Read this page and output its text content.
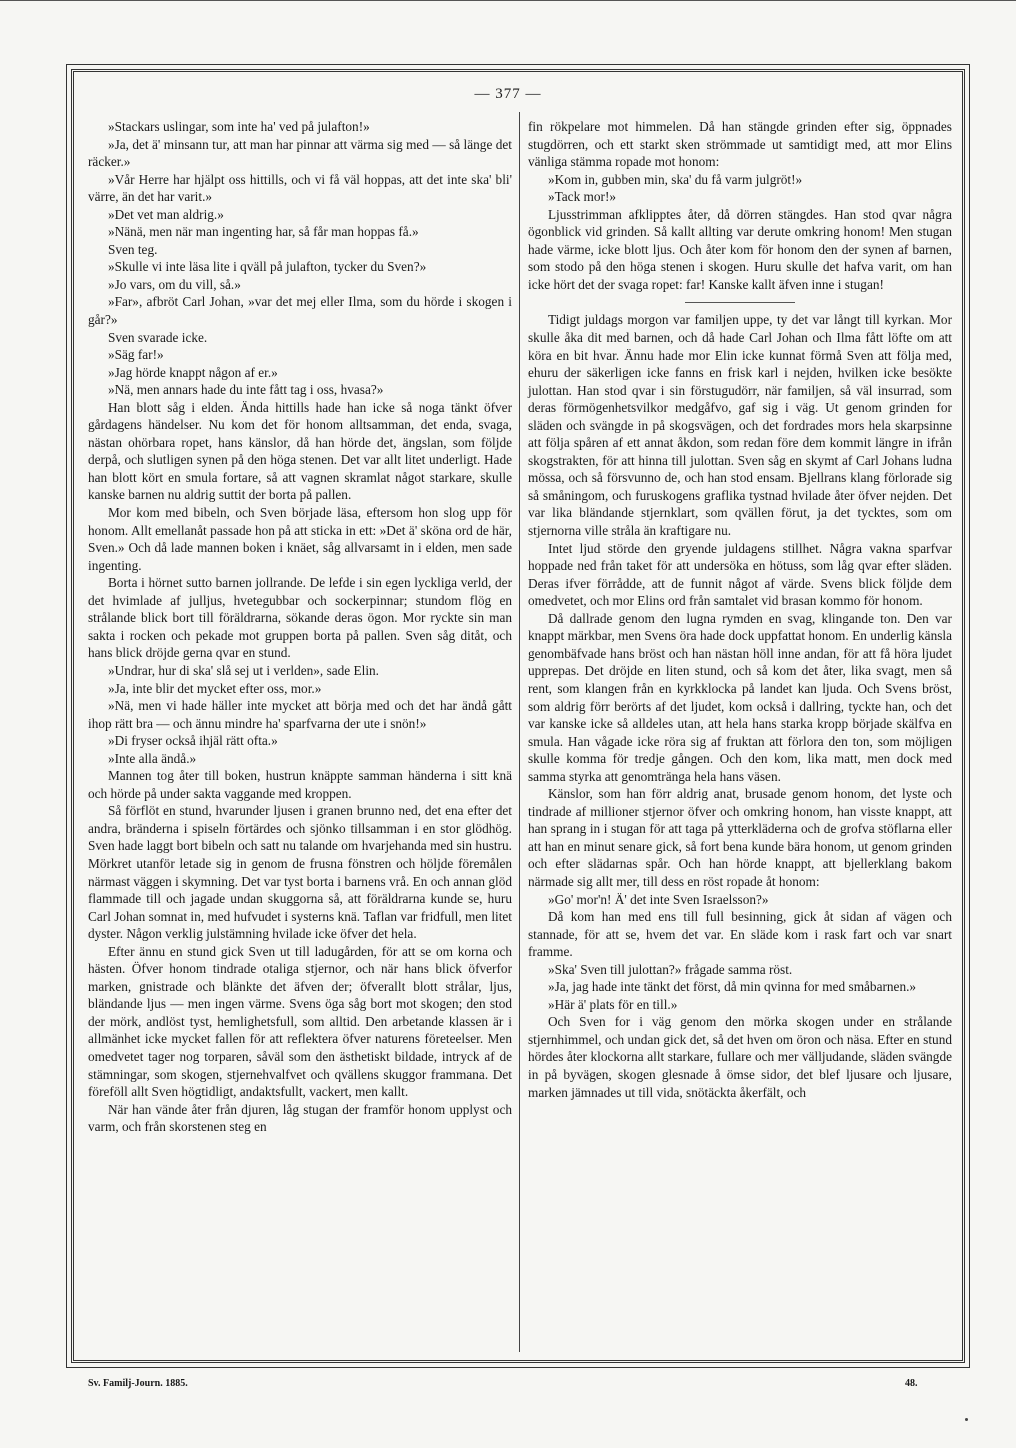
— 377 —

»Stackars uslingar, som inte ha' ved på julafton!»

»Ja, det ä' minsann tur, att man har pinnar att värma sig med — så länge det räcker.»

»Vår Herre har hjälpt oss hittills, och vi få väl hoppas, att det inte ska' bli' värre, än det har varit.»

»Det vet man aldrig.»

»Nänä, men när man ingenting har, så får man hoppas få.»

Sven teg.

»Skulle vi inte läsa lite i qväll på julafton, tycker du Sven?»

»Jo vars, om du vill, så.»

»Far», afbröt Carl Johan, »var det mej eller Ilma, som du hörde i skogen i går?»

Sven svarade icke.

»Säg far!»

»Jag hörde knappt någon af er.»

»Nä, men annars hade du inte fått tag i oss, hvasa?»

Han blott såg i elden. Ända hittills hade han icke så noga tänkt öfver gårdagens händelser. Nu kom det för honom alltsamman, det enda, svaga, nästan ohörbara ropet, hans känslor, då han hörde det, ängslan, som följde derpå, och slutligen synen på den höga stenen. Det var allt litet underligt. Hade han blott kört en smula fortare, så att vagnen skramlat något starkare, skulle kanske barnen nu aldrig suttit der borta på pallen.

Mor kom med bibeln, och Sven började läsa, eftersom hon slog upp för honom. Allt emellanåt passade hon på att sticka in ett: »Det ä' sköna ord de här, Sven.» Och då lade mannen boken i knäet, såg allvarsamt in i elden, men sade ingenting.

Borta i hörnet sutto barnen jollrande. De lefde i sin egen lyckliga verld, der det hvimlade af julljus, hvetegubbar och sockerpinnar; stundom flög en strålande blick bort till föräldrarna, sökande deras ögon. Mor ryckte sin man sakta i rocken och pekade mot gruppen borta på pallen. Sven såg ditåt, och hans blick dröjde gerna qvar en stund.

»Undrar, hur di ska' slå sej ut i verlden», sade Elin.

»Ja, inte blir det mycket efter oss, mor.»

»Nä, men vi hade häller inte mycket att börja med och det har ändå gått ihop rätt bra — och ännu mindre ha' sparfvarna der ute i snön!»

»Di fryser också ihjäl rätt ofta.»

»Inte alla ändå.»

Mannen tog åter till boken, hustrun knäppte samman händerna i sitt knä och hörde på under sakta vaggande med kroppen.

Så förflöt en stund, hvarunder ljusen i granen brunno ned, det ena efter det andra, bränderna i spiseln förtärdes och sjönko tillsamman i en stor glödhög. Sven hade laggt bort bibeln och satt nu talande om hvarjehanda med sin hustru. Mörkret utanför letade sig in genom de frusna fönstren och höljde föremålen närmast väggen i skymning. Det var tyst borta i barnens vrå. En och annan glöd flammade till och jagade undan skuggorna så, att föräldrarna kunde se, huru Carl Johan somnat in, med hufvudet i systerns knä. Taflan var fridfull, men litet dyster. Någon verklig julstämning hvilade icke öfver det hela.

Efter ännu en stund gick Sven ut till ladugården, för att se om korna och hästen. Öfver honom tindrade otaliga stjernor, och när hans blick öfverfor marken, gnistrade och blänkte det äfven der; öfverallt blott strålar, ljus, bländande ljus — men ingen värme. Svens öga såg bort mot skogen; den stod der mörk, andlöst tyst, hemlighetsfull, som alltid. Den arbetande klassen är i allmänhet icke mycket fallen för att reflektera öfver naturens företeelser. Men omedvetet tager nog torparen, såväl som den ästhetiskt bildade, intryck af de stämningar, som skogen, stjernehvalfvet och qvällens skuggor frammana. Det föreföll allt Sven högtidligt, andaktsfullt, vackert, men kallt.

När han vände åter från djuren, låg stugan der framför honom upplyst och varm, och från skorstenen steg en

fin rökpelare mot himmelen. Då han stängde grinden efter sig, öppnades stugdörren, och ett starkt sken strömmade ut samtidigt med, att mor Elins vänliga stämma ropade mot honom:

»Kom in, gubben min, ska' du få varm julgröt!»

»Tack mor!»

Ljusstrimman afklipptes åter, då dörren stängdes. Han stod qvar några ögonblick vid grinden. Så kallt allting var derute omkring honom! Men stugan hade värme, icke blott ljus. Och åter kom för honom den der synen af barnen, som stodo på den höga stenen i skogen. Huru skulle det hafva varit, om han icke hört det der svaga ropet: far! Kanske kallt äfven inne i stugan!

Tidigt juldags morgon var familjen uppe, ty det var långt till kyrkan. Mor skulle åka dit med barnen, och då hade Carl Johan och Ilma fått löfte om att köra en bit hvar. Ännu hade mor Elin icke kunnat förmå Sven att följa med, ehuru der säkerligen icke fanns en frisk karl i nejden, hvilken icke besökte julottan. Han stod qvar i sin förstugudörr, när familjen, så väl insurrad, som deras förmögenhetsvilkor medgåfvo, gaf sig i väg. Ut genom grinden for släden och svängde in på skogsvägen, och det fordrades mors hela skarpsinne att följa spåren af ett annat åkdon, som redan före dem kommit längre in ifrån skogstrakten, för att hinna till julottan. Sven såg en skymt af Carl Johans ludna mössa, och så försvunno de, och han stod ensam. Bjellrans klang förlorade sig så småningom, och furuskogens graflika tystnad hvilade åter öfver nejden. Det var lika bländande stjernklart, som qvällen förut, ja det tycktes, som om stjernorna ville stråla än kraftigare nu.

Intet ljud störde den gryende juldagens stillhet. Några vakna sparfvar hoppade ned från taket för att undersöka en hötuss, som låg qvar efter släden. Deras ifver förrådde, att de funnit något af värde. Svens blick följde dem omedvetet, och mor Elins ord från samtalet vid brasan kommo för honom.

Då dallrade genom den lugna rymden en svag, klingande ton. Den var knappt märkbar, men Svens öra hade dock uppfattat honom. En underlig känsla genombäfvade hans bröst och han nästan höll inne andan, för att få höra ljudet upprepas. Det dröjde en liten stund, och så kom det åter, lika svagt, men så rent, som klangen från en kyrkklocka på landet kan ljuda. Och Svens bröst, som aldrig förr berörts af det ljudet, kom också i dallring, tyckte han, och det var kanske icke så alldeles utan, att hela hans starka kropp började skälfva en smula. Han vågade icke röra sig af fruktan att förlora den ton, som möjligen skulle komma för tredje gången. Och den kom, lika matt, men dock med samma styrka att genomtränga hela hans väsen.

Känslor, som han förr aldrig anat, brusade genom honom, det lyste och tindrade af millioner stjernor öfver och omkring honom, han visste knappt, att han sprang in i stugan för att taga på ytterkläderna och de grofva stöflarna eller att han en minut senare gick, så fort bena kunde bära honom, ut genom grinden och efter slädarnas spår. Och han hörde knappt, att bjellerklang bakom närmade sig allt mer, till dess en röst ropade åt honom:

»Go' mor'n! Ä' det inte Sven Israelsson?»

Då kom han med ens till full besinning, gick åt sidan af vägen och stannade, för att se, hvem det var. En släde kom i rask fart och var snart framme.

»Ska' Sven till julottan?» frågade samma röst.

»Ja, jag hade inte tänkt det först, då min qvinna for med småbarnen.»

»Här ä' plats för en till.»

Och Sven for i väg genom den mörka skogen under en strålande stjernhimmel, och undan gick det, så det hven om öron och näsa. Efter en stund hördes åter klockorna allt starkare, fullare och mer välljudande, släden svängde in på byvägen, skogen glesnade å ömse sidor, det blef ljusare och ljusare, marken jämnades ut till vida, snötäckta åkerfält, och

Sv. Familj-Journ. 1885.	48.
